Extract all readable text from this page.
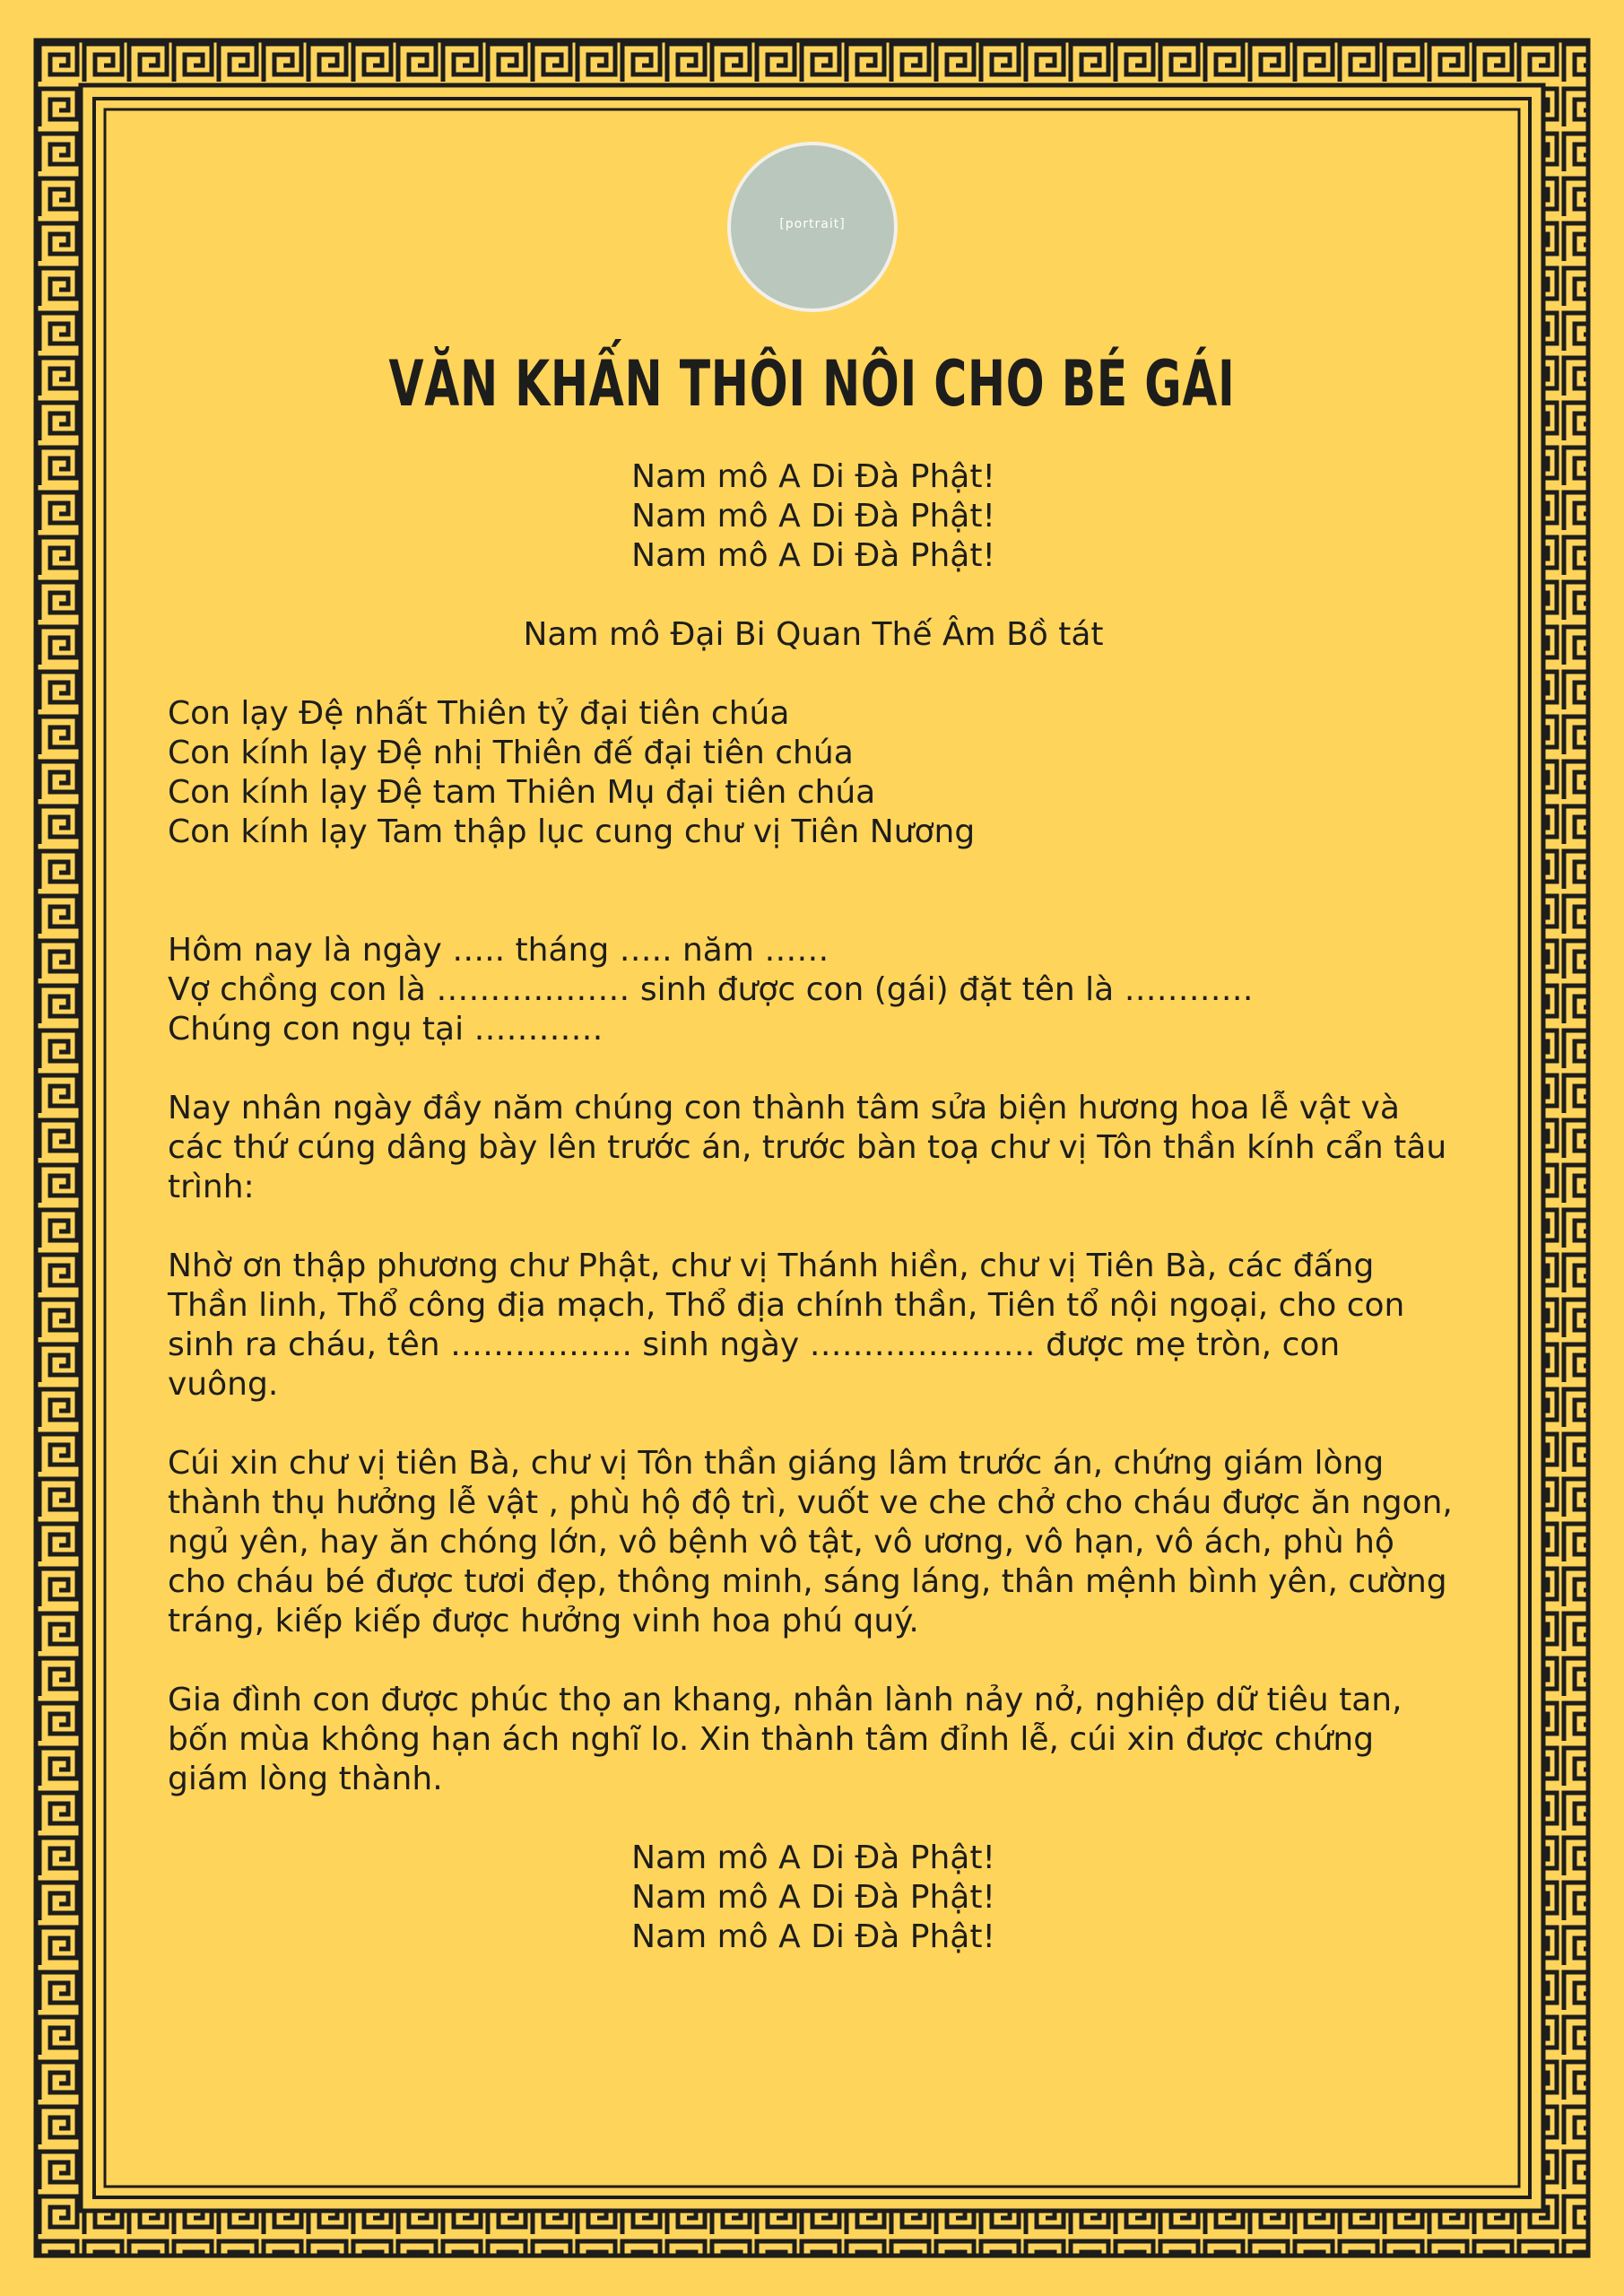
[portrait]
VĂN KHẤN THÔI NÔI CHO BÉ GÁI

Nam mô A Di Đà Phật!

Nam mô A Di Đà Phật!

Nam mô A Di Đà Phật!

Nam mô Đại Bi Quan Thế Âm Bồ tát

Con lạy Đệ nhất Thiên tỷ đại tiên chúa

Con kính lạy Đệ nhị Thiên đế đại tiên chúa

Con kính lạy Đệ tam Thiên Mụ đại tiên chúa

Con kính lạy Tam thập lục cung chư vị Tiên Nương

Hôm nay là ngày ….. tháng ….. năm ……

Vợ chồng con là ……………… sinh được con (gái) đặt tên là …………

Chúng con ngụ tại …………

Nay nhân ngày đầy năm chúng con thành tâm sửa biện hương hoa lễ vật và các thứ cúng dâng bày lên trước án, trước bàn toạ chư vị Tôn thần kính cẩn tâu trình:

Nhờ ơn thập phương chư Phật, chư vị Thánh hiền, chư vị Tiên Bà, các đấng Thần linh, Thổ công địa mạch, Thổ địa chính thần, Tiên tổ nội ngoại, cho con sinh ra cháu, tên …………….. sinh ngày ………………… được mẹ tròn, con vuông.

Cúi xin chư vị tiên Bà, chư vị Tôn thần giáng lâm trước án, chứng giám lòng thành thụ hưởng lễ vật , phù hộ độ trì, vuốt ve che chở cho cháu được ăn ngon, ngủ yên, hay ăn chóng lớn, vô bệnh vô tật, vô ương, vô hạn, vô ách, phù hộ cho cháu bé được tươi đẹp, thông minh, sáng láng, thân mệnh bình yên, cường tráng, kiếp kiếp được hưởng vinh hoa phú quý.

Gia đình con được phúc thọ an khang, nhân lành nảy nở, nghiệp dữ tiêu tan, bốn mùa không hạn ách nghĩ lo. Xin thành tâm đỉnh lễ, cúi xin được chứng giám lòng thành.

Nam mô A Di Đà Phật!

Nam mô A Di Đà Phật!

Nam mô A Di Đà Phật!
